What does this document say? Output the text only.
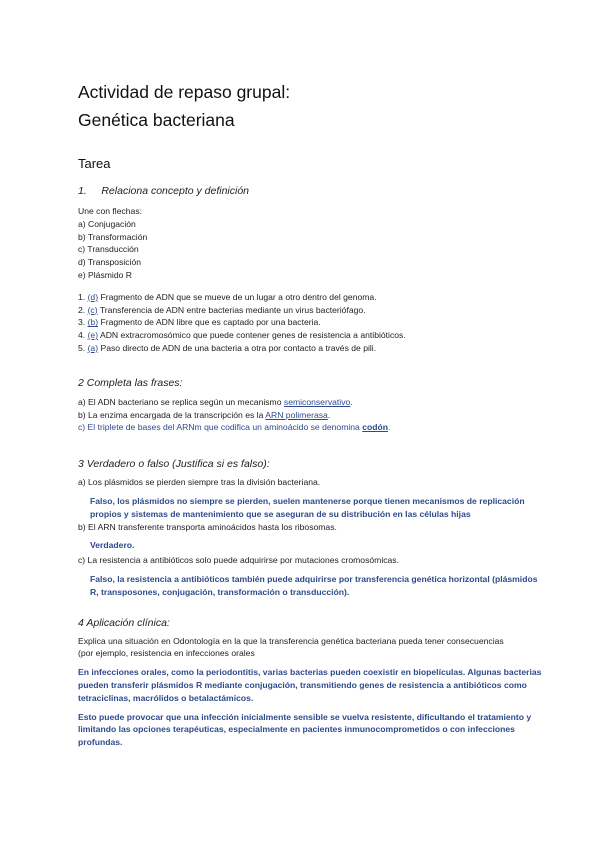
Actividad de repaso grupal:
Genética bacteriana
Tarea
1.     Relaciona concepto y definición
Une con flechas:
a) Conjugación
b) Transformación
c) Transducción
d) Transposición
e) Plásmido R
1. (d) Fragmento de ADN que se mueve de un lugar a otro dentro del genoma.
2. (c) Transferencia de ADN entre bacterias mediante un virus bacteriófago.
3. (b) Fragmento de ADN libre que es captado por una bacteria.
4. (e) ADN extracromosómico que puede contener genes de resistencia a antibióticos.
5. (a) Paso directo de ADN de una bacteria a otra por contacto a través de pili.
2 Completa las frases:
a) El ADN bacteriano se replica según un mecanismo semiconservativo.
b) La enzima encargada de la transcripción es la ARN polimerasa.
c) El triplete de bases del ARNm que codifica un aminoácido se denomina codón.
3 Verdadero o falso (Justifica si es falso):
a) Los plásmidos se pierden siempre tras la división bacteriana.
Falso, los plásmidos no siempre se pierden, suelen mantenerse porque tienen mecanismos de replicación
propios y sistemas de mantenimiento que se aseguran de su distribución en las células hijas
b) El ARN transferente transporta aminoácidos hasta los ribosomas.
Verdadero.
c) La resistencia a antibióticos solo puede adquirirse por mutaciones cromosómicas.
Falso, la resistencia a antibióticos también puede adquirirse por transferencia genética horizontal (plásmidos
R, transposones, conjugación, transformación o transducción).
4 Aplicación clínica:
Explica una situación en Odontología en la que la transferencia genética bacteriana pueda tener consecuencias
(por ejemplo, resistencia en infecciones orales
En infecciones orales, como la periodontitis, varias bacterias pueden coexistir en biopelículas. Algunas bacterias
pueden transferir plásmidos R mediante conjugación, transmitiendo genes de resistencia a antibióticos como
tetraciclinas, macrólidos o betalactámicos.
Esto puede provocar que una infección inicialmente sensible se vuelva resistente, dificultando el tratamiento y
limitando las opciones terapéuticas, especialmente en pacientes inmunocomprometidos o con infecciones
profundas.
